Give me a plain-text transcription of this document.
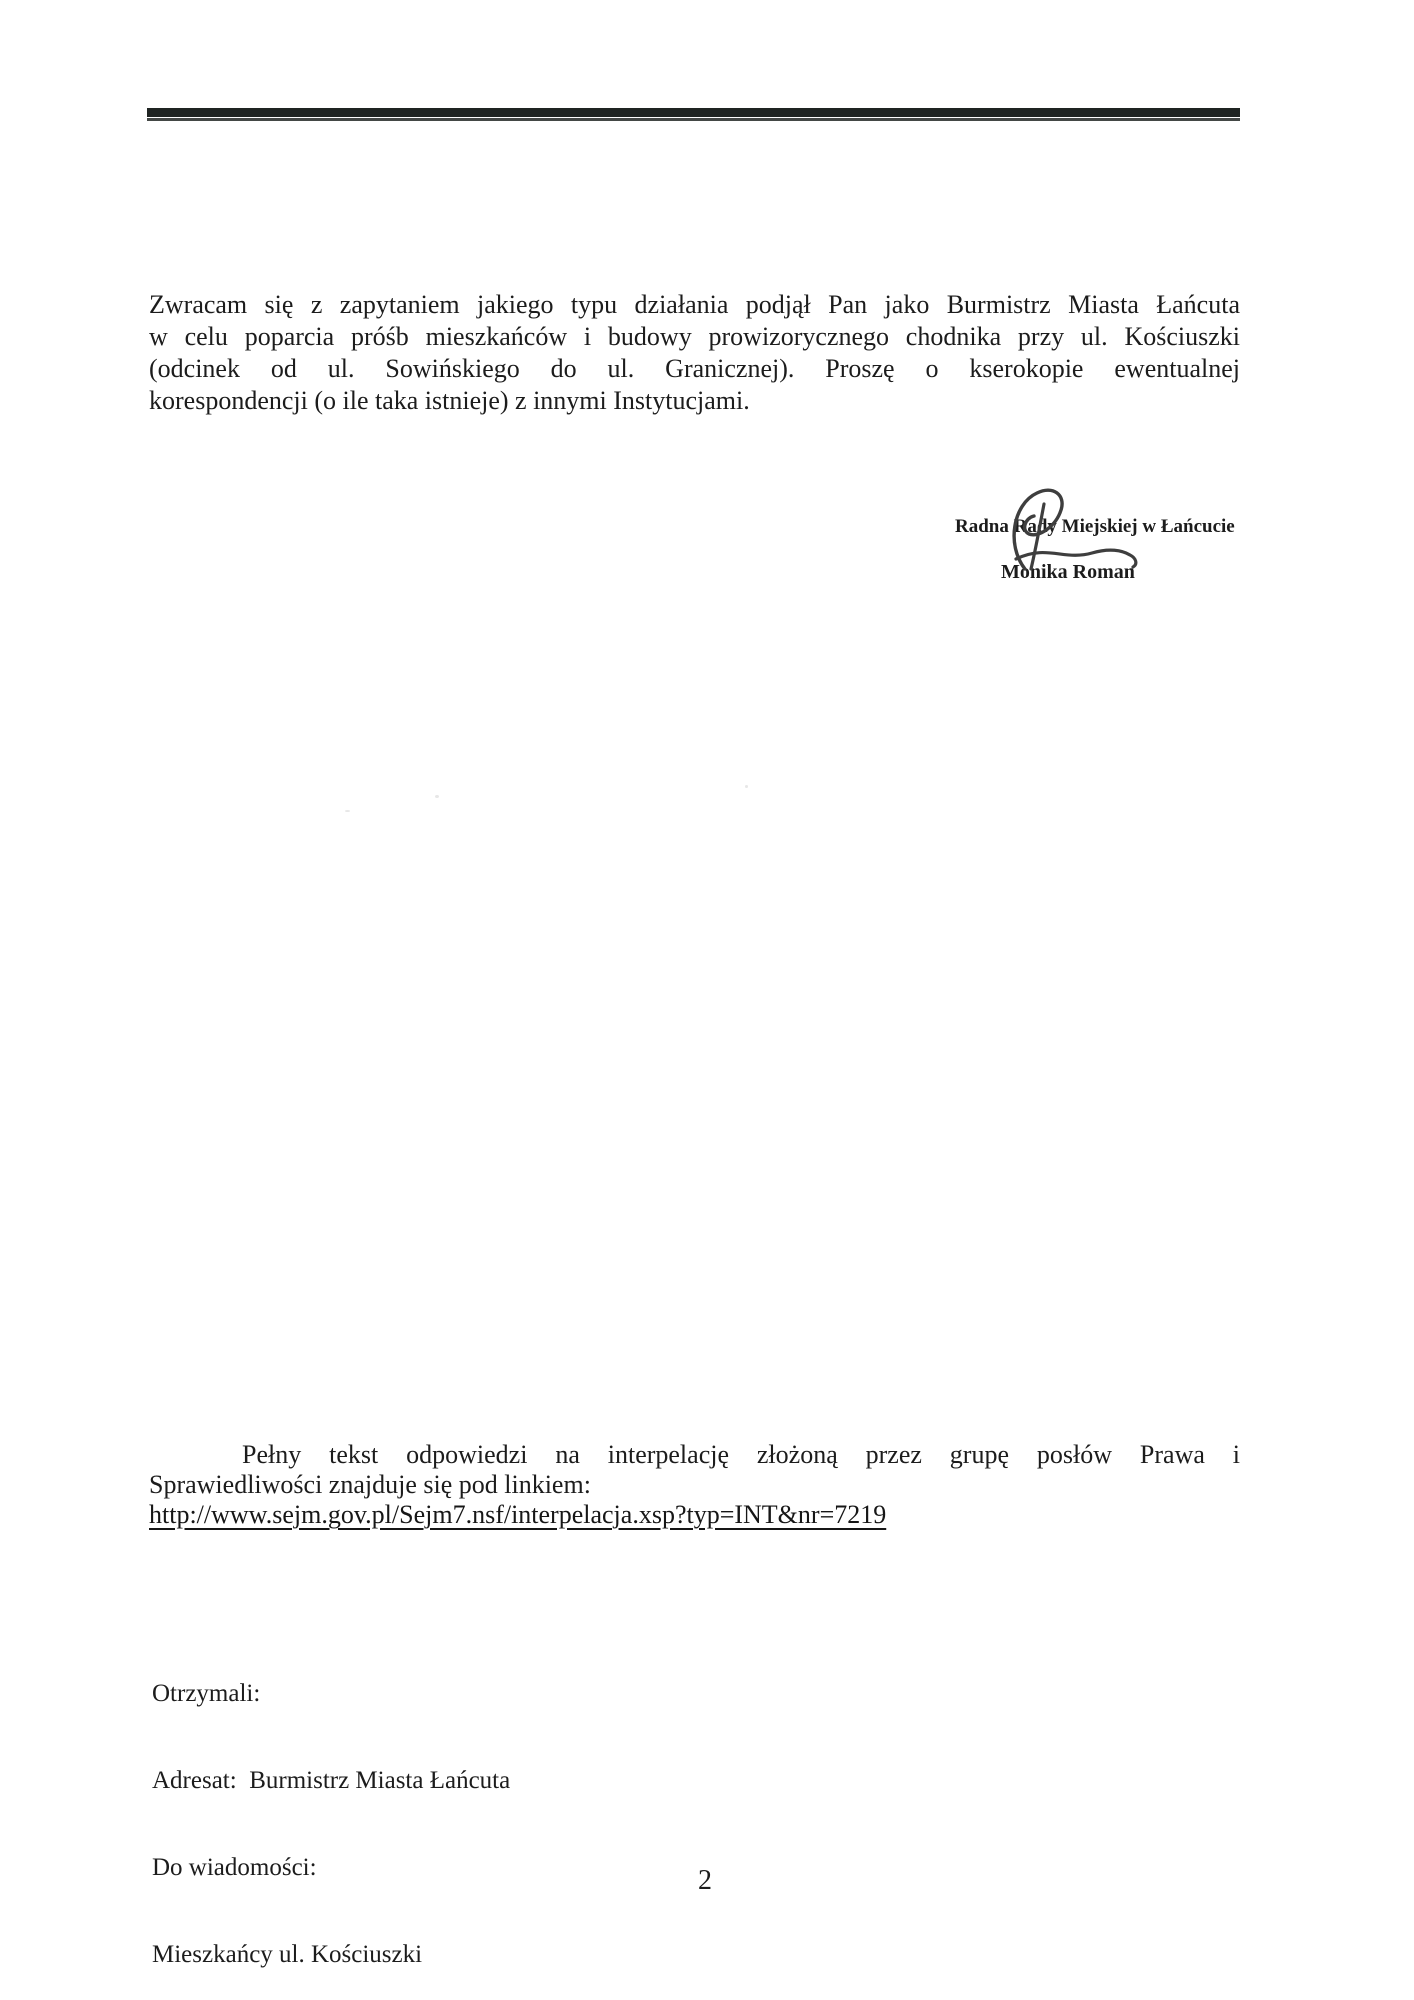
Zwracam się z zapytaniem jakiego typu działania podjął Pan jako Burmistrz Miasta Łańcuta
w celu poparcia próśb mieszkańców i budowy prowizorycznego chodnika przy ul. Kościuszki
(odcinek od ul. Sowińskiego do ul. Granicznej). Proszę o kserokopie ewentualnej
korespondencji (o ile taka istnieje) z innymi Instytucjami.
Radna Rady Miejskiej w Łańcucie
Monika Roman
Pełny tekst odpowiedzi na interpelację złożoną przez grupę posłów Prawa i
Sprawiedliwości znajduje się pod linkiem:
http://www.sejm.gov.pl/Sejm7.nsf/interpelacja.xsp?typ=INT&nr=7219

Otrzymali:

Adresat:  Burmistrz Miasta Łańcuta

Do wiadomości:

Mieszkańcy ul. Kościuszki

2
